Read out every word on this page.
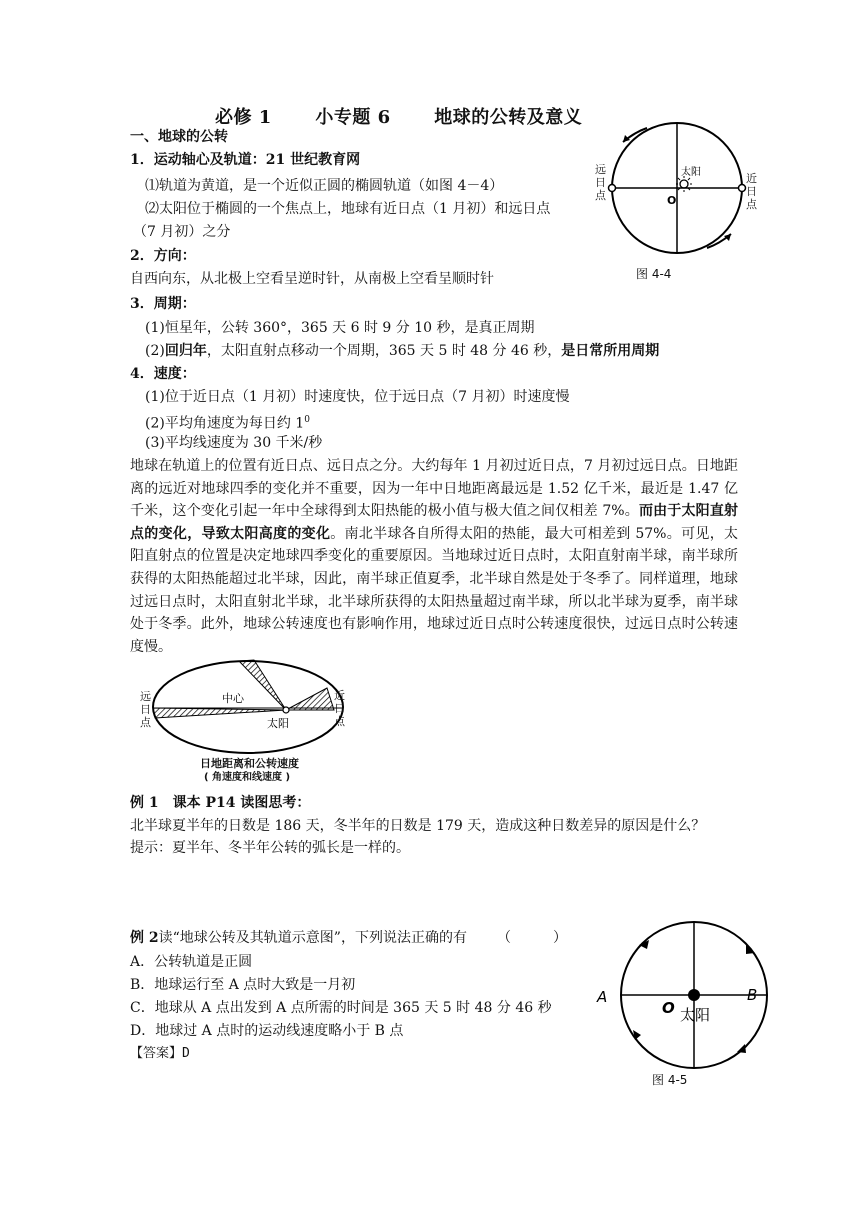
必修 1 小专题 6 地球的公转及意义
一、地球的公转
1．运动轴心及轨道：21 世纪教育网
⑴轨道为黄道，是一个近似正圆的椭圆轨道（如图 4－4）
⑵太阳位于椭圆的一个焦点上，地球有近日点（1 月初）和远日点
（7 月初）之分
2．方向：
自西向东，从北极上空看呈逆时针，从南极上空看呈顺时针
3．周期：
(1)恒星年，公转 360°，365 天 6 时 9 分 10 秒，是真正周期
(2)回归年，太阳直射点移动一个周期，365 天 5 时 48 分 46 秒，是日常所用周期
4．速度：
(1)位于近日点（1 月初）时速度快，位于远日点（7 月初）时速度慢
(2)平均角速度为每日约 $1^0$
(3)平均线速度为 30 千米/秒
地球在轨道上的位置有近日点、远日点之分。大约每年 1 月初过近日点，7 月初过远日点。日地距离的远近对地球四季的变化并不重要，因为一年中日地距离最远是 1.52 亿千米，最近是 1.47 亿千米，这个变化引起一年中全球得到太阳热能的极小值与极大值之间仅相差 7%。而由于太阳直射点的变化，导致太阳高度的变化。南北半球各自所得太阳的热能，最大可相差到 57%。可见，太阳直射点的位置是决定地球四季变化的重要原因。当地球过近日点时，太阳直射南半球，南半球所获得的太阳热能超过北半球，因此，南半球正值夏季，北半球自然是处于冬季了。同样道理，地球过远日点时，太阳直射北半球，北半球所获得的太阳热量超过南半球，所以北半球为夏季，南半球处于冬季。此外，地球公转速度也有影响作用，地球过近日点时公转速度很快，过远日点时公转速度慢。
太阳
O
远日点
近日点
图 4-4
中心
太阳
远日点
近日点
日地距离和公转速度
( 角速度和线速度 )
例 1　课本 P14 读图思考：
北半球夏半年的日数是 186 天，冬半年的日数是 179 天，造成这种日数差异的原因是什么？
提示：夏半年、冬半年公转的弧长是一样的。
例 2读“地球公转及其轨道示意图”，下列说法正确的有 （　　　）
A．公转轨道是正圆
B．地球运行至 A 点时大致是一月初
C．地球从 A 点出发到 A 点所需的时间是 365 天 5 时 48 分 46 秒
D．地球过 A 点时的运动线速度略小于 B 点
【答案】D
太阳
O
A	B
图 4-5
